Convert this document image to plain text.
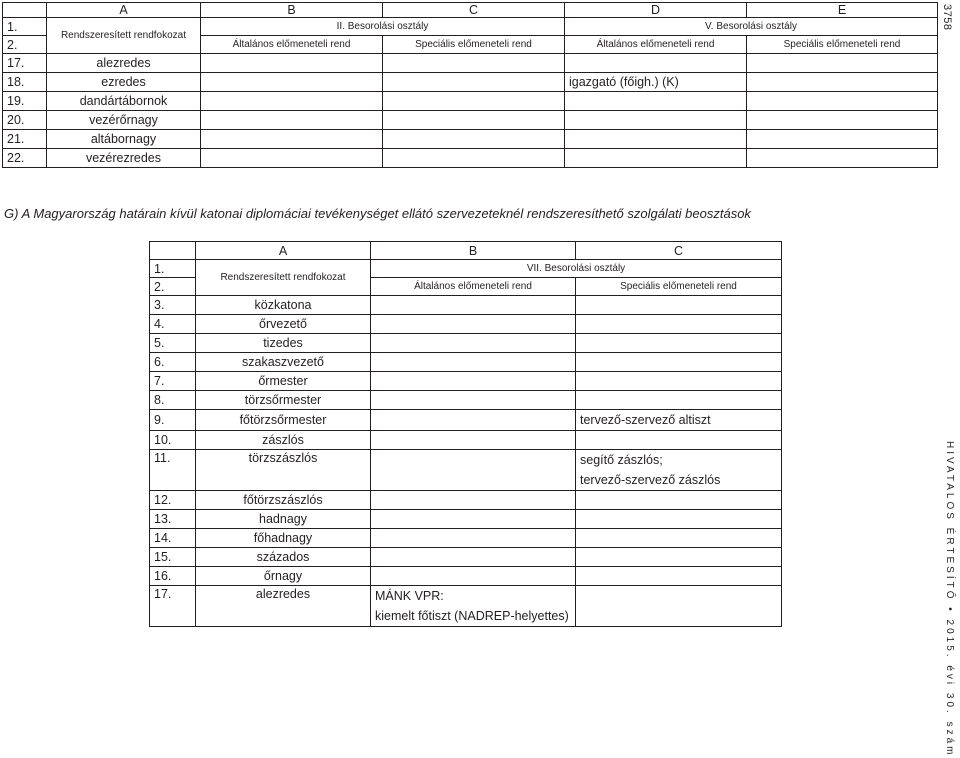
	A	B	C	D	E
1.	Rendszeresített rendfokozat	II. Besorolási osztály		V. Besorolási osztály	
2.		Általános előmeneteli rend	Speciális előmeneteli rend	Általános előmeneteli rend	Speciális előmeneteli rend
17.	alezredes				
18.	ezredes			igazgató (főigh.) (K)	
19.	dandártábornok				
20.	vezérőrnagy				
21.	altábornagy				
22.	vezérezredes				
3758
G) A Magyarország határain kívül katonai diplomáciai tevékenységet ellátó szervezeteknél rendszeresíthető szolgálati beosztások
	A	B	C
1.	Rendszeresített rendfokozat	VII. Besorolási osztály	
2.		Általános előmeneteli rend	Speciális előmeneteli rend
3.	közkatona		
4.	őrvezető		
5.	tizedes		
6.	szakaszvezető		
7.	őrmester		
8.	törzsőrmester		
9.	főtörzsőrmester		tervező-szervező altiszt
10.	zászlós		
11.	törzszászlós		segítő zászlós;
tervező-szervező zászlós
12.	főtörzszászlós		
13.	hadnagy		
14.	főhadnagy		
15.	százados		
16.	őrnagy		
17.	alezredes	MÁNK VPR:
kiemelt főtiszt (NADREP-helyettes)		HIVATALOS ÉRTESÍTŐ • 2015. évi 30. szám
